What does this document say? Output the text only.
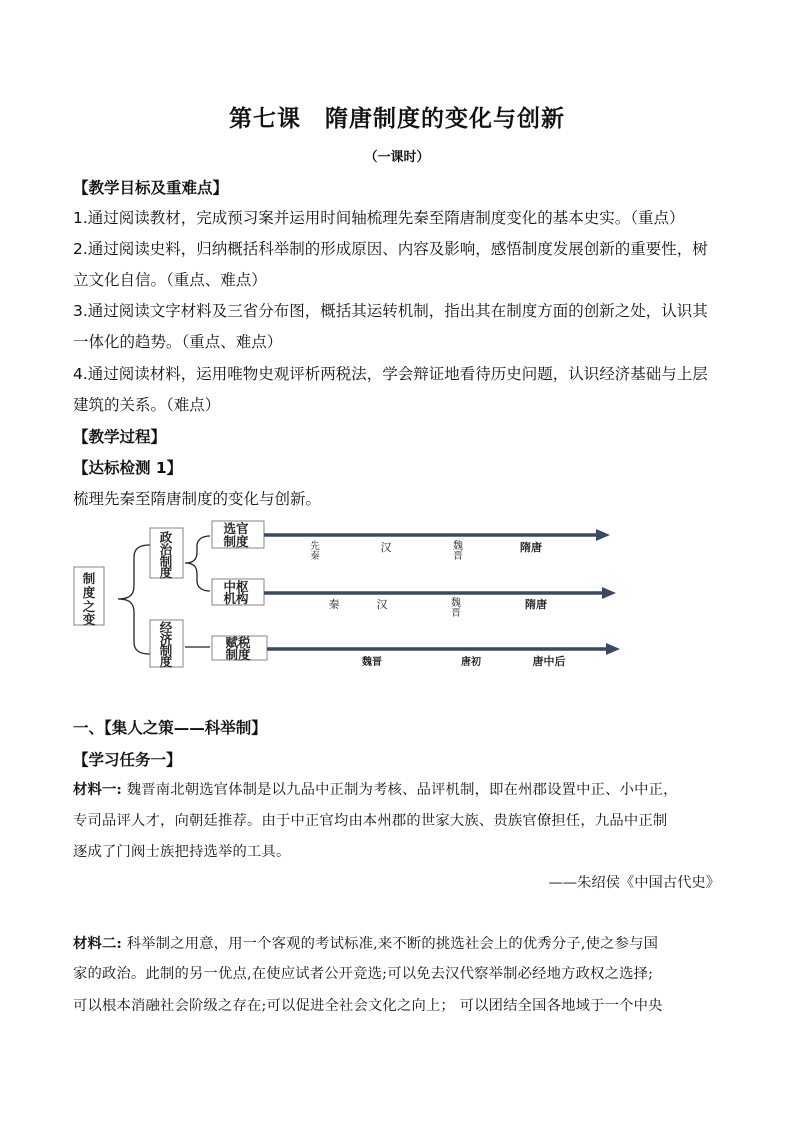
第七课　隋唐制度的变化与创新
（一课时）
【教学目标及重难点】
1.通过阅读教材，完成预习案并运用时间轴梳理先秦至隋唐制度变化的基本史实。（重点）
2.通过阅读史料，归纳概括科举制的形成原因、内容及影响，感悟制度发展创新的重要性，树
立文化自信。（重点、难点）
3.通过阅读文字材料及三省分布图，概括其运转机制，指出其在制度方面的创新之处，认识其
一体化的趋势。（重点、难点）
4.通过阅读材料，运用唯物史观评析两税法，学会辩证地看待历史问题，认识经济基础与上层
建筑的关系。（难点）
【教学过程】
【达标检测 1】
梳理先秦至隋唐制度的变化与创新。
制
度
之
变
政
治
制
度
经
济
制
度
选官
制度
中枢
机构
赋税
制度
先
秦
汉	魏
晋
隋唐
秦	汉	魏
晋
隋唐
魏晋	唐初	唐中后
一、【集人之策——科举制】
【学习任务一】
材料一: 魏晋南北朝选官体制是以九品中正制为考核、品评机制，即在州郡设置中正、小中正，
专司品评人才，向朝廷推荐。由于中正官均由本州郡的世家大族、贵族官僚担任，九品中正制
逐成了门阀士族把持选举的工具。
——朱绍侯《中国古代史》
材料二: 科举制之用意，用一个客观的考试标准,来不断的挑选社会上的优秀分子,使之参与国
家的政治。此制的另一优点,在使应试者公开竞选;可以免去汉代察举制必经地方政权之选择;
可以根本消融社会阶级之存在;可以促进全社会文化之向上； 可以团结全国各地域于一个中央
